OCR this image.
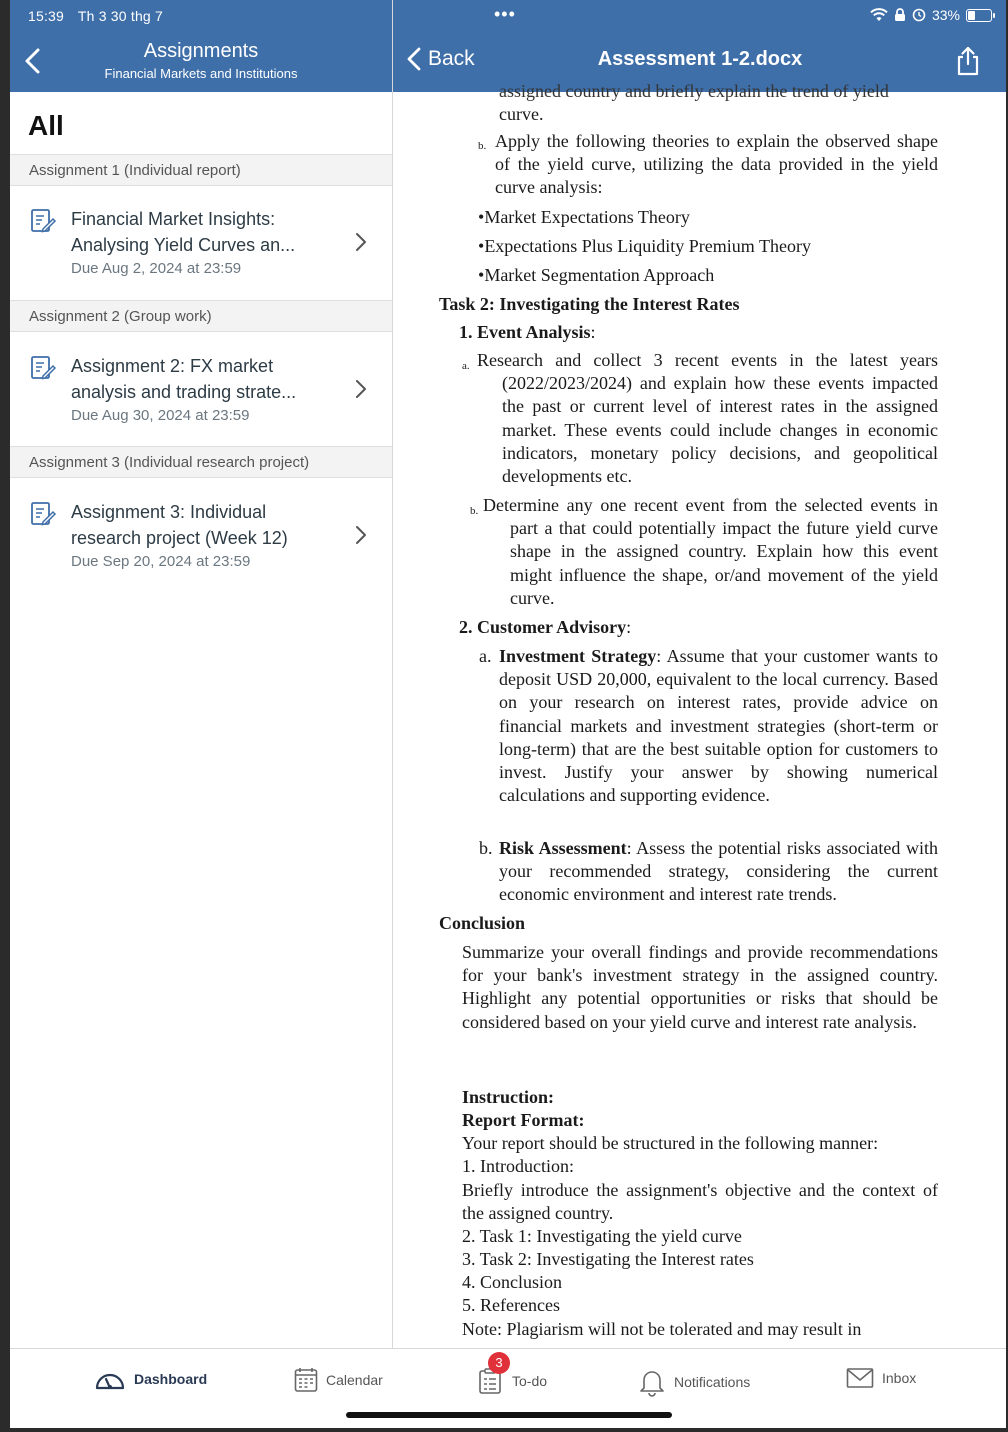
15:39 Th 3 30 thg 7	•••	33%
Assignments
Financial Markets and Institutions
Back	Assessment 1-2.docx
All
Assignment 1 (Individual report)
Financial Market Insights:
Analysing Yield Curves an...
Due Aug 2, 2024 at 23:59
Assignment 2 (Group work)
Assignment 2: FX market
analysis and trading strate...
Due Aug 30, 2024 at 23:59
Assignment 3 (Individual research project)
Assignment 3: Individual
research project (Week 12)
Due Sep 20, 2024 at 23:59
assigned country and briefly explain the trend of yield
curve.
b. Apply the following theories to explain the observed shape of the yield curve, utilizing the data provided in the yield curve analysis:
•Market Expectations Theory
•Expectations Plus Liquidity Premium Theory
•Market Segmentation Approach
Task 2: Investigating the Interest Rates
1. Event Analysis:
a. Research and collect 3 recent events in the latest years (2022/2023/2024) and explain how these events impacted the past or current level of interest rates in the assigned market. These events could include changes in economic indicators, monetary policy decisions, and geopolitical developments etc.
b. Determine any one recent event from the selected events in part a that could potentially impact the future yield curve shape in the assigned country. Explain how this event might influence the shape, or/and movement of the yield curve.
2. Customer Advisory:
a. Investment Strategy: Assume that your customer wants to deposit USD 20,000, equivalent to the local currency. Based on your research on interest rates, provide advice on financial markets and investment strategies (short-term or long-term) that are the best suitable option for customers to invest. Justify your answer by showing numerical calculations and supporting evidence.
b. Risk Assessment: Assess the potential risks associated with your recommended strategy, considering the current economic environment and interest rate trends.
Conclusion
Summarize your overall findings and provide recommendations for your bank's investment strategy in the assigned country. Highlight any potential opportunities or risks that should be considered based on your yield curve and interest rate analysis.
Instruction:
Report Format:
Your report should be structured in the following manner:
1. Introduction:
Briefly introduce the assignment's objective and the context of the assigned country.
2. Task 1: Investigating the yield curve
3. Task 2: Investigating the Interest rates
4. Conclusion
5. References
Note: Plagiarism will not be tolerated and may result in
Dashboard	Calendar	To-do	Notifications	Inbox
3
